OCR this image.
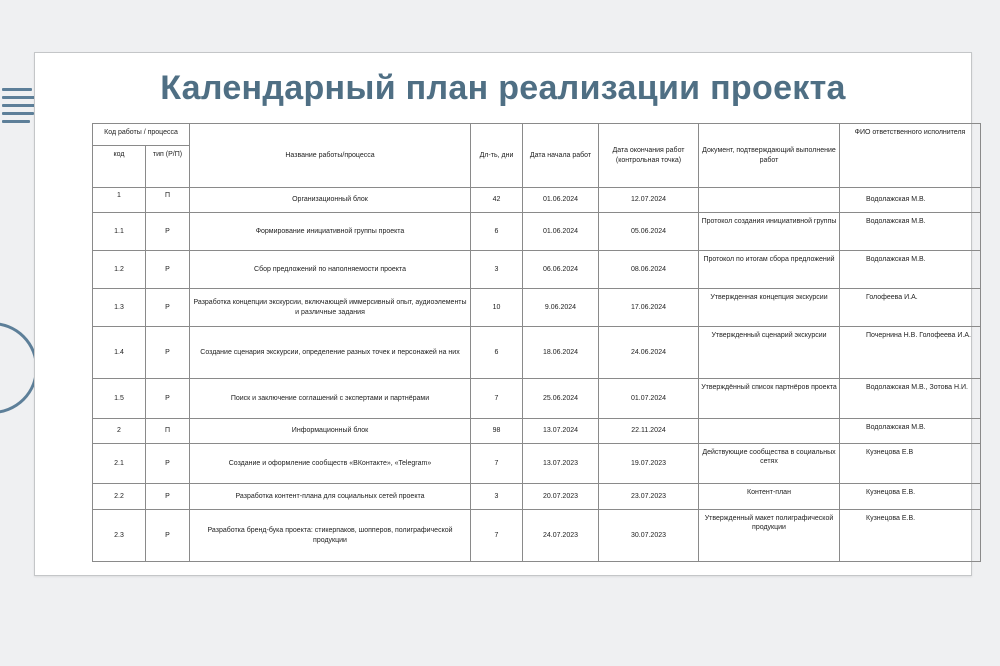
Календарный план реализации проекта
Код работы / процесса		Название работы/процесса	Дл-ть, дни	Дата начала работ	Дата окончания работ (контрольная точка)	Документ, подтверждающий выполнение работ	ФИО ответственного исполнителя
код	тип (Р/П)						
1	П	Организационный блок	42	01.06.2024	12.07.2024		Водолажская М.В.
1.1	Р	Формирование инициативной группы проекта	6	01.06.2024	05.06.2024	Протокол создания инициативной группы	Водолажская М.В.
1.2	Р	Сбор предложений по наполняемости проекта	3	06.06.2024	08.06.2024	Протокол по итогам сбора предложений	Водолажская М.В.
1.3	Р	Разработка концепции экскурсии, включающей иммерсивный опыт, аудиоэлементы и различные задания	10	9.06.2024	17.06.2024	Утвержденная концепция экскурсии	Голофеева И.А.
1.4	Р	Создание сценария экскурсии, определение разных точек и персонажей на них	6	18.06.2024	24.06.2024	Утвержденный сценарий экскурсии	Почернина Н.В. Голофеева И.А.
1.5	Р	Поиск и заключение соглашений с экспертами и партнёрами	7	25.06.2024	01.07.2024	Утверждённый список партнёров проекта	Водолажская М.В., Зотова Н.И.
2	П	Информационный блок	98	13.07.2024	22.11.2024		Водолажская М.В.
2.1	Р	Создание и оформление сообществ «ВКонтакте», «Telegram»	7	13.07.2023	19.07.2023	Действующие сообщества в социальных сетях	Кузнецова Е.В
2.2	Р	Разработка контент-плана для социальных сетей проекта	3	20.07.2023	23.07.2023	Контент-план	Кузнецова Е.В.
2.3	Р	Разработка бренд-бука проекта: стикерпаков, шопперов, полиграфической продукции	7	24.07.2023	30.07.2023	Утвержденный макет полиграфической продукции	Кузнецова Е.В.
